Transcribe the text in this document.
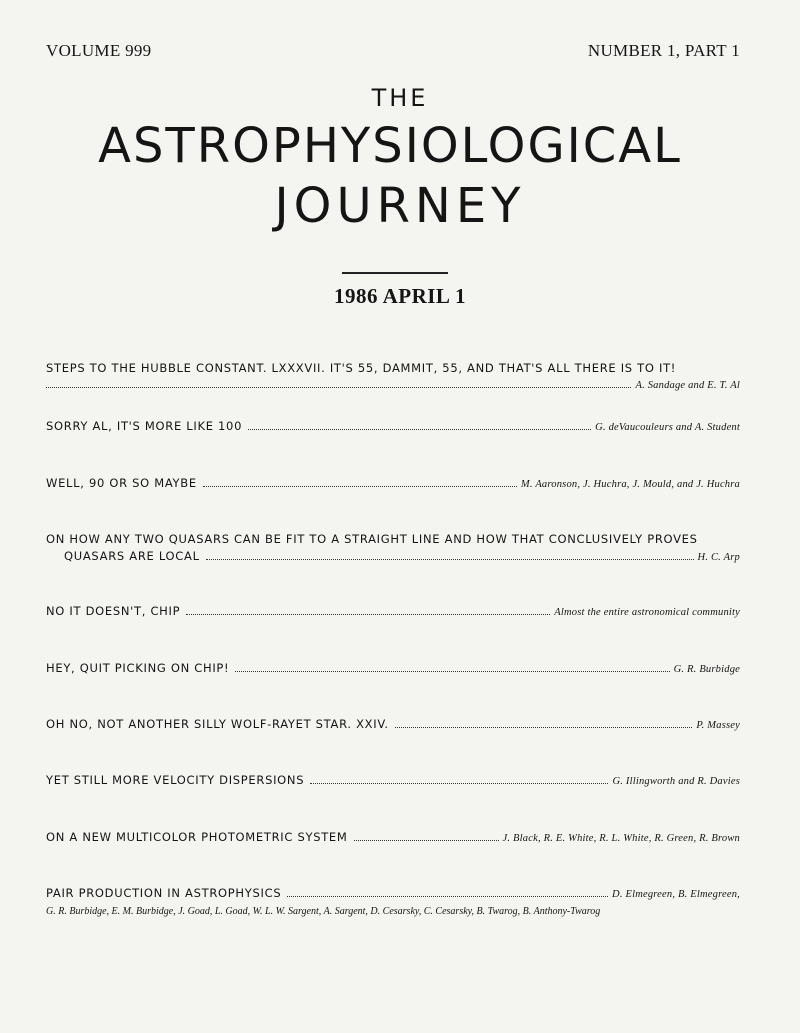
VOLUME 999	NUMBER 1, PART 1
THE
ASTROPHYSIOLOGICAL
JOURNEY
1986 APRIL 1
STEPS TO THE HUBBLE CONSTANT. LXXXVII. IT'S 55, DAMMIT, 55, AND THAT'S ALL THERE IS TO IT!
A. Sandage and E. T. Al
SORRY AL, IT'S MORE LIKE 100	G. deVaucouleurs and A. Student
WELL, 90 OR SO MAYBE	M. Aaronson, J. Huchra, J. Mould, and J. Huchra
ON HOW ANY TWO QUASARS CAN BE FIT TO A STRAIGHT LINE AND HOW THAT CONCLUSIVELY PROVES
QUASARS ARE LOCAL	H. C. Arp
NO IT DOESN'T, CHIP	Almost the entire astronomical community
HEY, QUIT PICKING ON CHIP!	G. R. Burbidge
OH NO, NOT ANOTHER SILLY WOLF-RAYET STAR. XXIV.	P. Massey
YET STILL MORE VELOCITY DISPERSIONS	G. Illingworth and R. Davies
ON A NEW MULTICOLOR PHOTOMETRIC SYSTEM	J. Black, R. E. White, R. L. White, R. Green, R. Brown
PAIR PRODUCTION IN ASTROPHYSICS	D. Elmegreen, B. Elmegreen,
G. R. Burbidge, E. M. Burbidge, J. Goad, L. Goad, W. L. W. Sargent, A. Sargent, D. Cesarsky, C. Cesarsky, B. Twarog, B. Anthony-Twarog
